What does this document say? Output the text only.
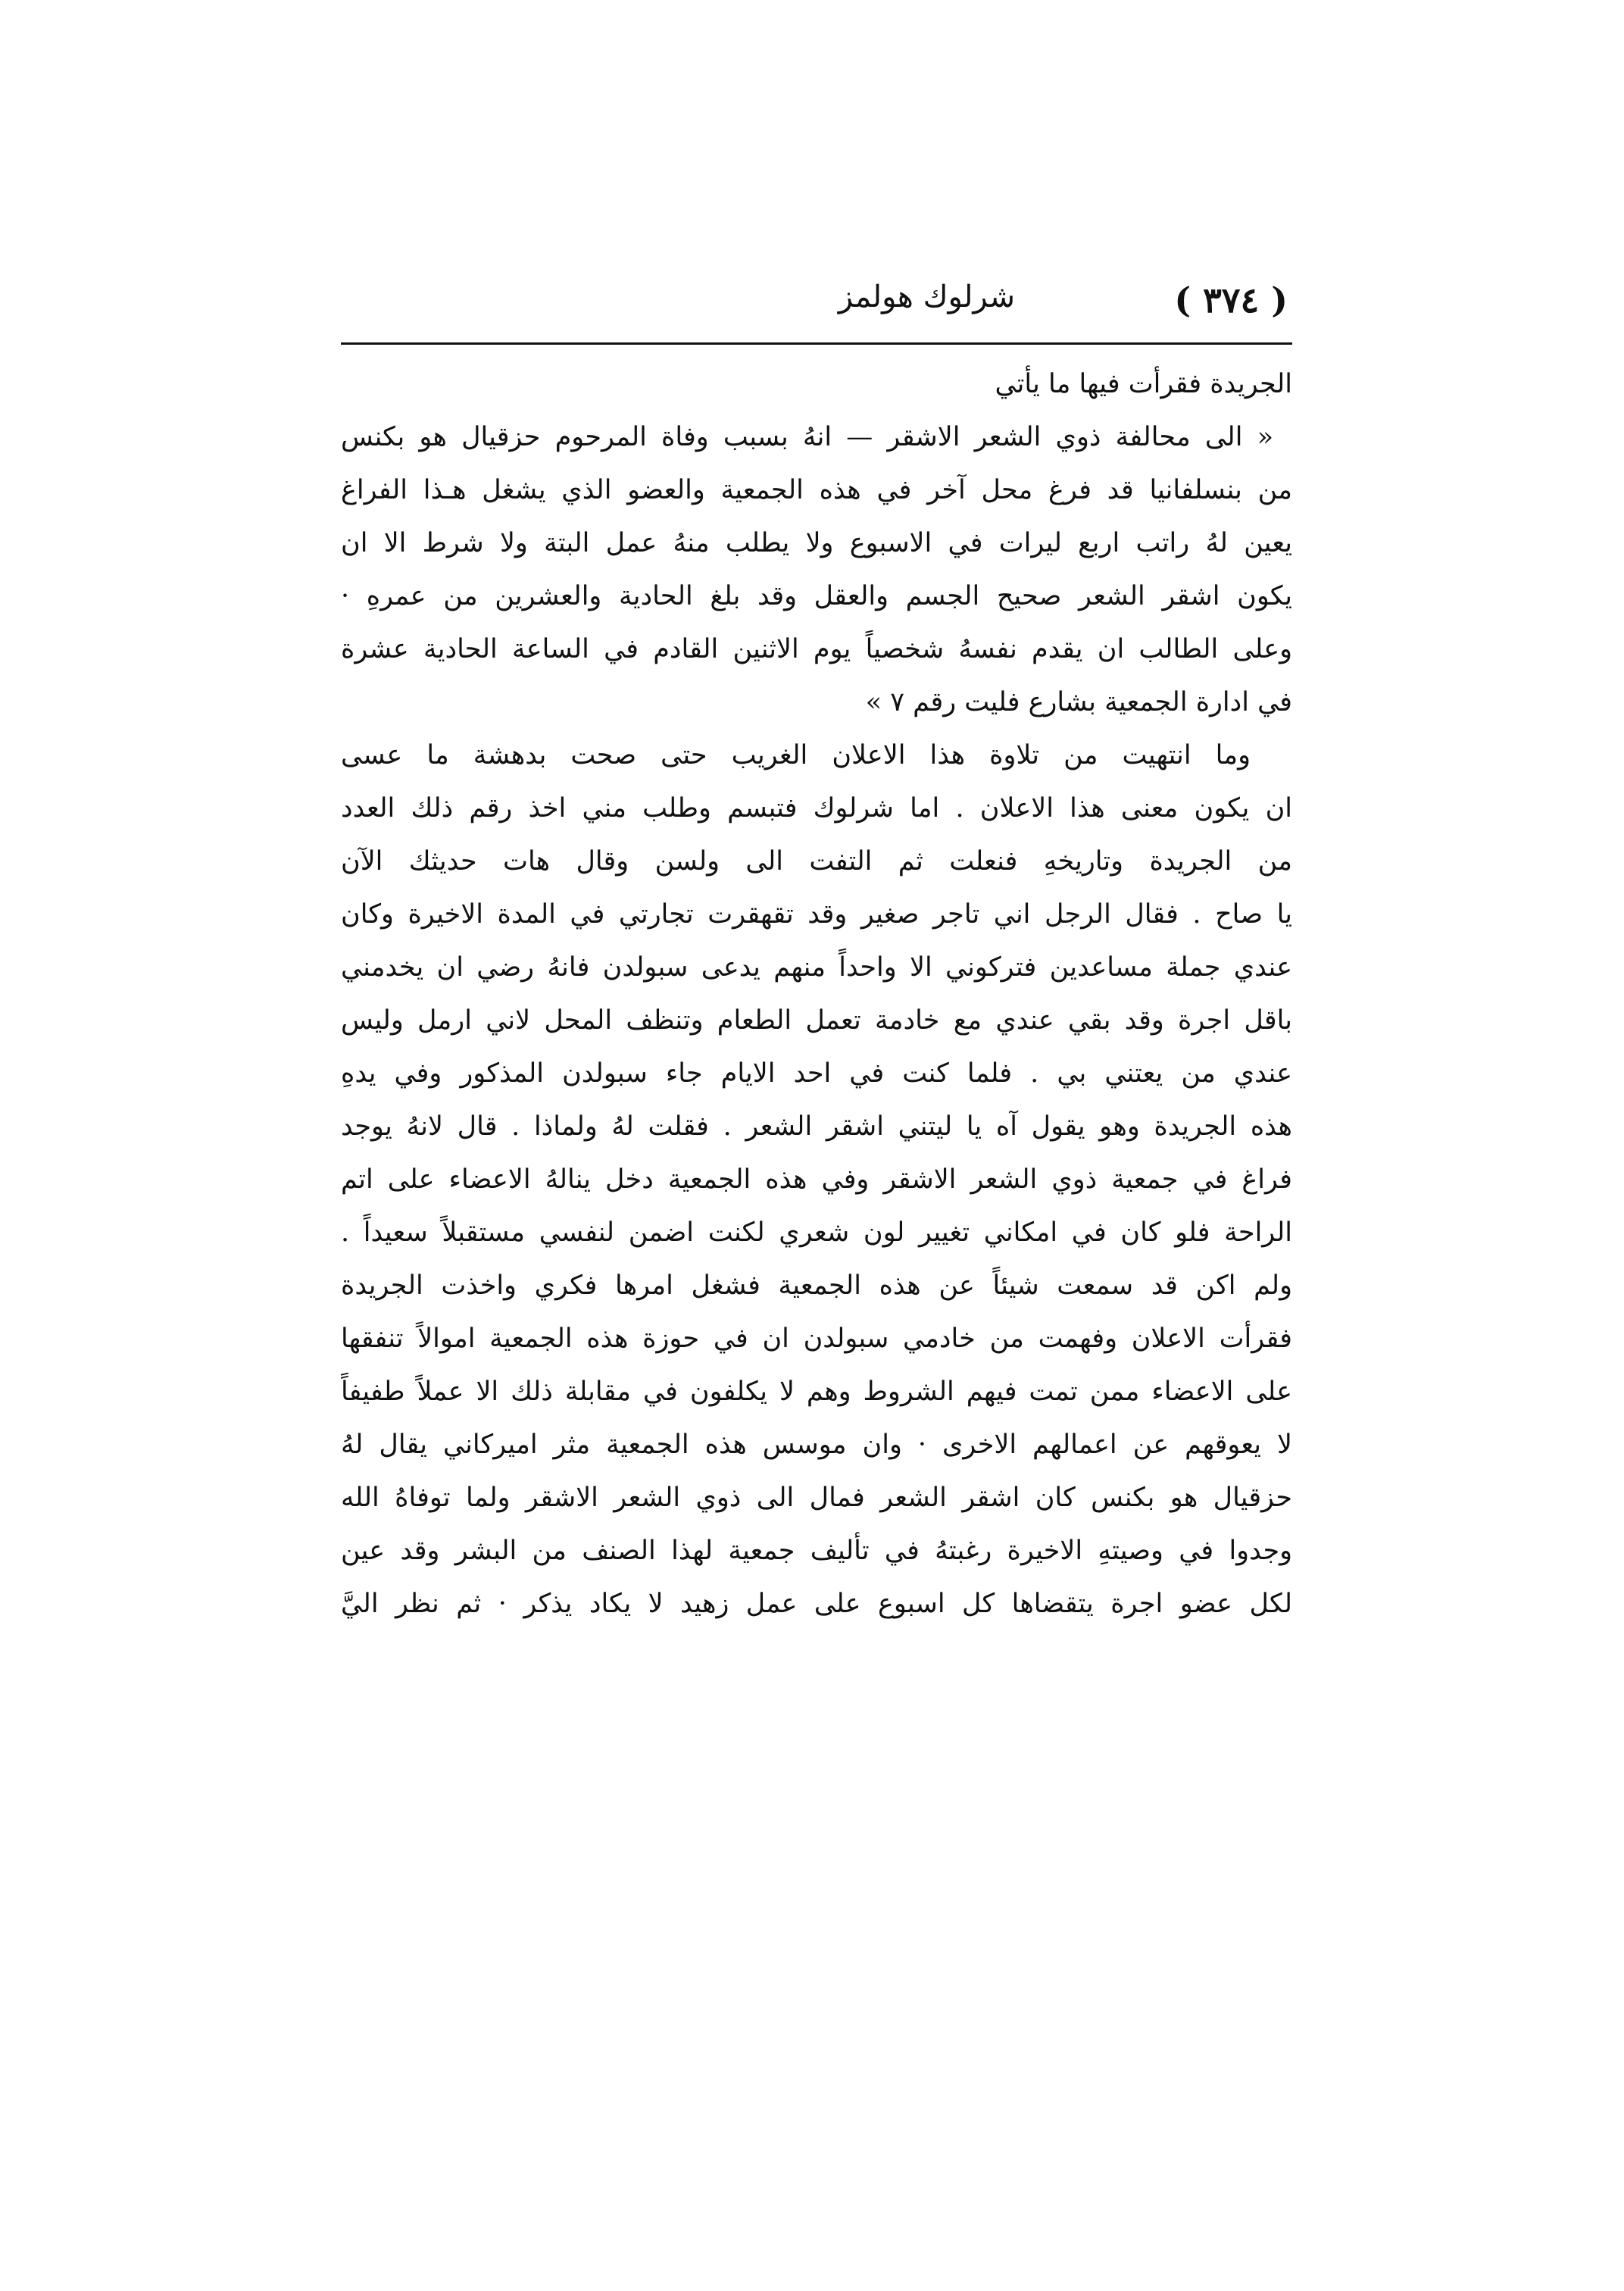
( ٣٧٤ )
شرلوك هولمز
الجريدة فقرأت فيها ما يأتي
« الى محالفة ذوي الشعر الاشقر — انهُ بسبب وفاة المرحوم حزقيال هو بكنس
من بنسلفانيا قد فرغ محل آخر في هذه الجمعية والعضو الذي يشغل هـذا الفراغ
يعين لهُ راتب اربع ليرات في الاسبوع ولا يطلب منهُ عمل البتة ولا شرط الا ان
يكون اشقر الشعر صحيح الجسم والعقل وقد بلغ الحادية والعشرين من عمرهِ ·
وعلى الطالب ان يقدم نفسهُ شخصياً يوم الاثنين القادم في الساعة الحادية عشرة
في ادارة الجمعية بشارع فليت رقم ٧ »
وما انتهيت من تلاوة هذا الاعلان الغريب حتى صحت بدهشة ما عسى
ان يكون معنى هذا الاعلان . اما شرلوك فتبسم وطلب مني اخذ رقم ذلك العدد
من الجريدة وتاريخهِ فنعلت ثم التفت الى ولسن وقال هات حديثك الآن
يا صاح . فقال الرجل اني تاجر صغير وقد تقهقرت تجارتي في المدة الاخيرة وكان
عندي جملة مساعدين فتركوني الا واحداً منهم يدعى سبولدن فانهُ رضي ان يخدمني
باقل اجرة وقد بقي عندي مع خادمة تعمل الطعام وتنظف المحل لاني ارمل وليس
عندي من يعتني بي . فلما كنت في احد الايام جاء سبولدن المذكور وفي يدهِ
هذه الجريدة وهو يقول آه يا ليتني اشقر الشعر . فقلت لهُ ولماذا . قال لانهُ يوجد
فراغ في جمعية ذوي الشعر الاشقر وفي هذه الجمعية دخل ينالهُ الاعضاء على اتم
الراحة فلو كان في امكاني تغيير لون شعري لكنت اضمن لنفسي مستقبلاً سعيداً .
ولم اكن قد سمعت شيئاً عن هذه الجمعية فشغل امرها فكري واخذت الجريدة
فقرأت الاعلان وفهمت من خادمي سبولدن ان في حوزة هذه الجمعية اموالاً تنفقها
على الاعضاء ممن تمت فيهم الشروط وهم لا يكلفون في مقابلة ذلك الا عملاً طفيفاً
لا يعوقهم عن اعمالهم الاخرى · وان موسس هذه الجمعية مثر اميركاني يقال لهُ
حزقيال هو بكنس كان اشقر الشعر فمال الى ذوي الشعر الاشقر ولما توفاهُ الله
وجدوا في وصيتهِ الاخيرة رغبتهُ في تأليف جمعية لهذا الصنف من البشر وقد عين
لكل عضو اجرة يتقضاها كل اسبوع على عمل زهيد لا يكاد يذكر · ثم نظر اليَّ
